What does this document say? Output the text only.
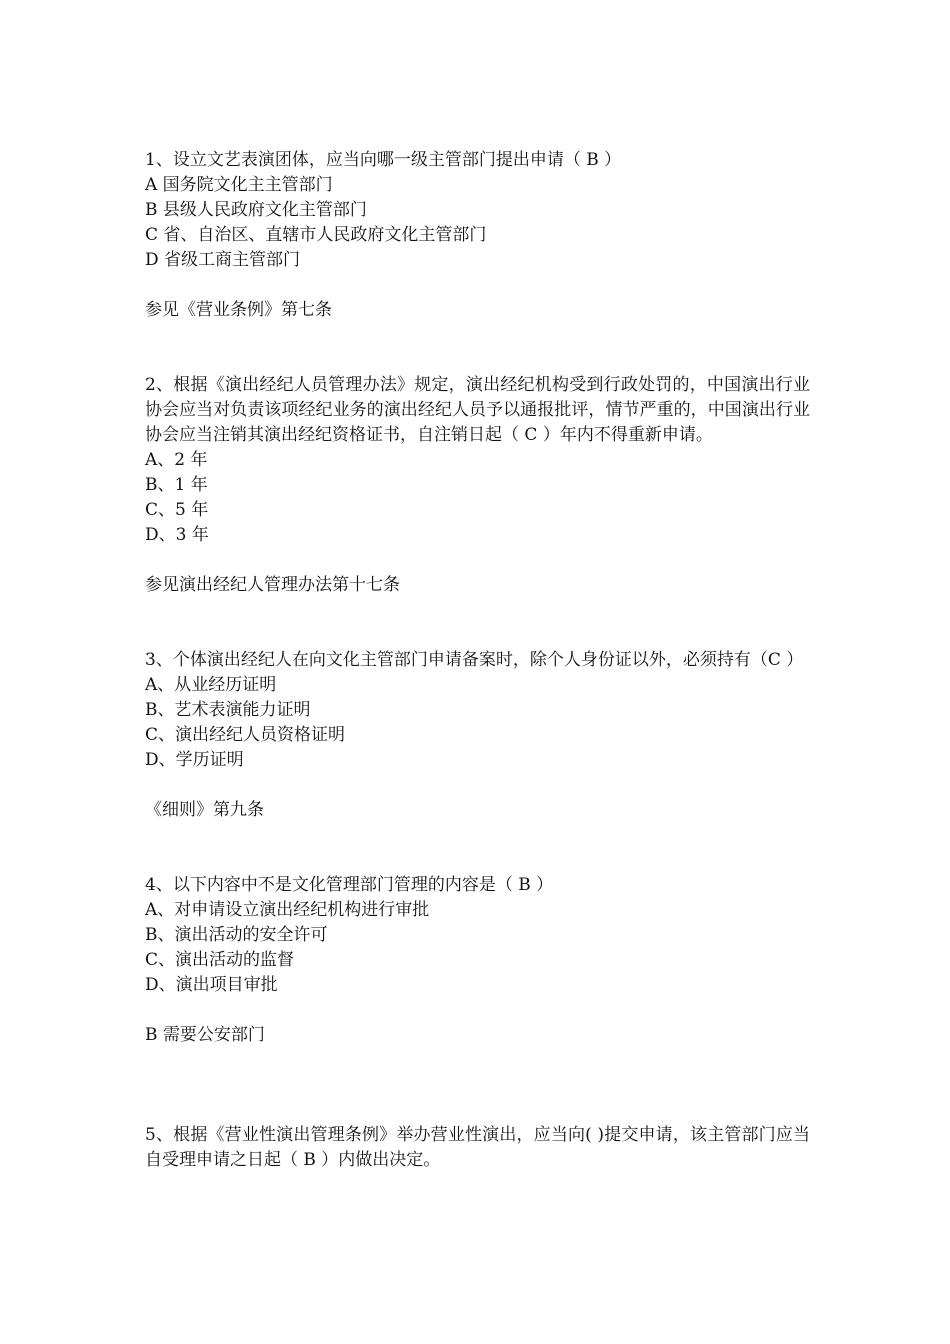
1、设立文艺表演团体，应当向哪一级主管部门提出申请（ B ）

A 国务院文化主主管部门
B 县级人民政府文化主管部门
C 省、自治区、直辖市人民政府文化主管部门
D 省级工商主管部门

参见《营业条例》第七条

2、根据《演出经纪人员管理办法》规定，演出经纪机构受到行政处罚的，中国演出行业协会应当对负责该项经纪业务的演出经纪人员予以通报批评，情节严重的，中国演出行业协会应当注销其演出经纪资格证书，自注销日起（ C ）年内不得重新申请。

A、2 年
B、1 年
C、5 年
D、3 年

参见演出经纪人管理办法第十七条

3、个体演出经纪人在向文化主管部门申请备案时，除个人身份证以外，必须持有（C ）

A、从业经历证明
B、艺术表演能力证明
C、演出经纪人员资格证明
D、学历证明

《细则》第九条

4、以下内容中不是文化管理部门管理的内容是（ B ）

A、对申请设立演出经纪机构进行审批
B、演出活动的安全许可
C、演出活动的监督
D、演出项目审批

B 需要公安部门

5、根据《营业性演出管理条例》举办营业性演出，应当向( )提交申请，该主管部门应当自受理申请之日起（ B ）内做出决定。
